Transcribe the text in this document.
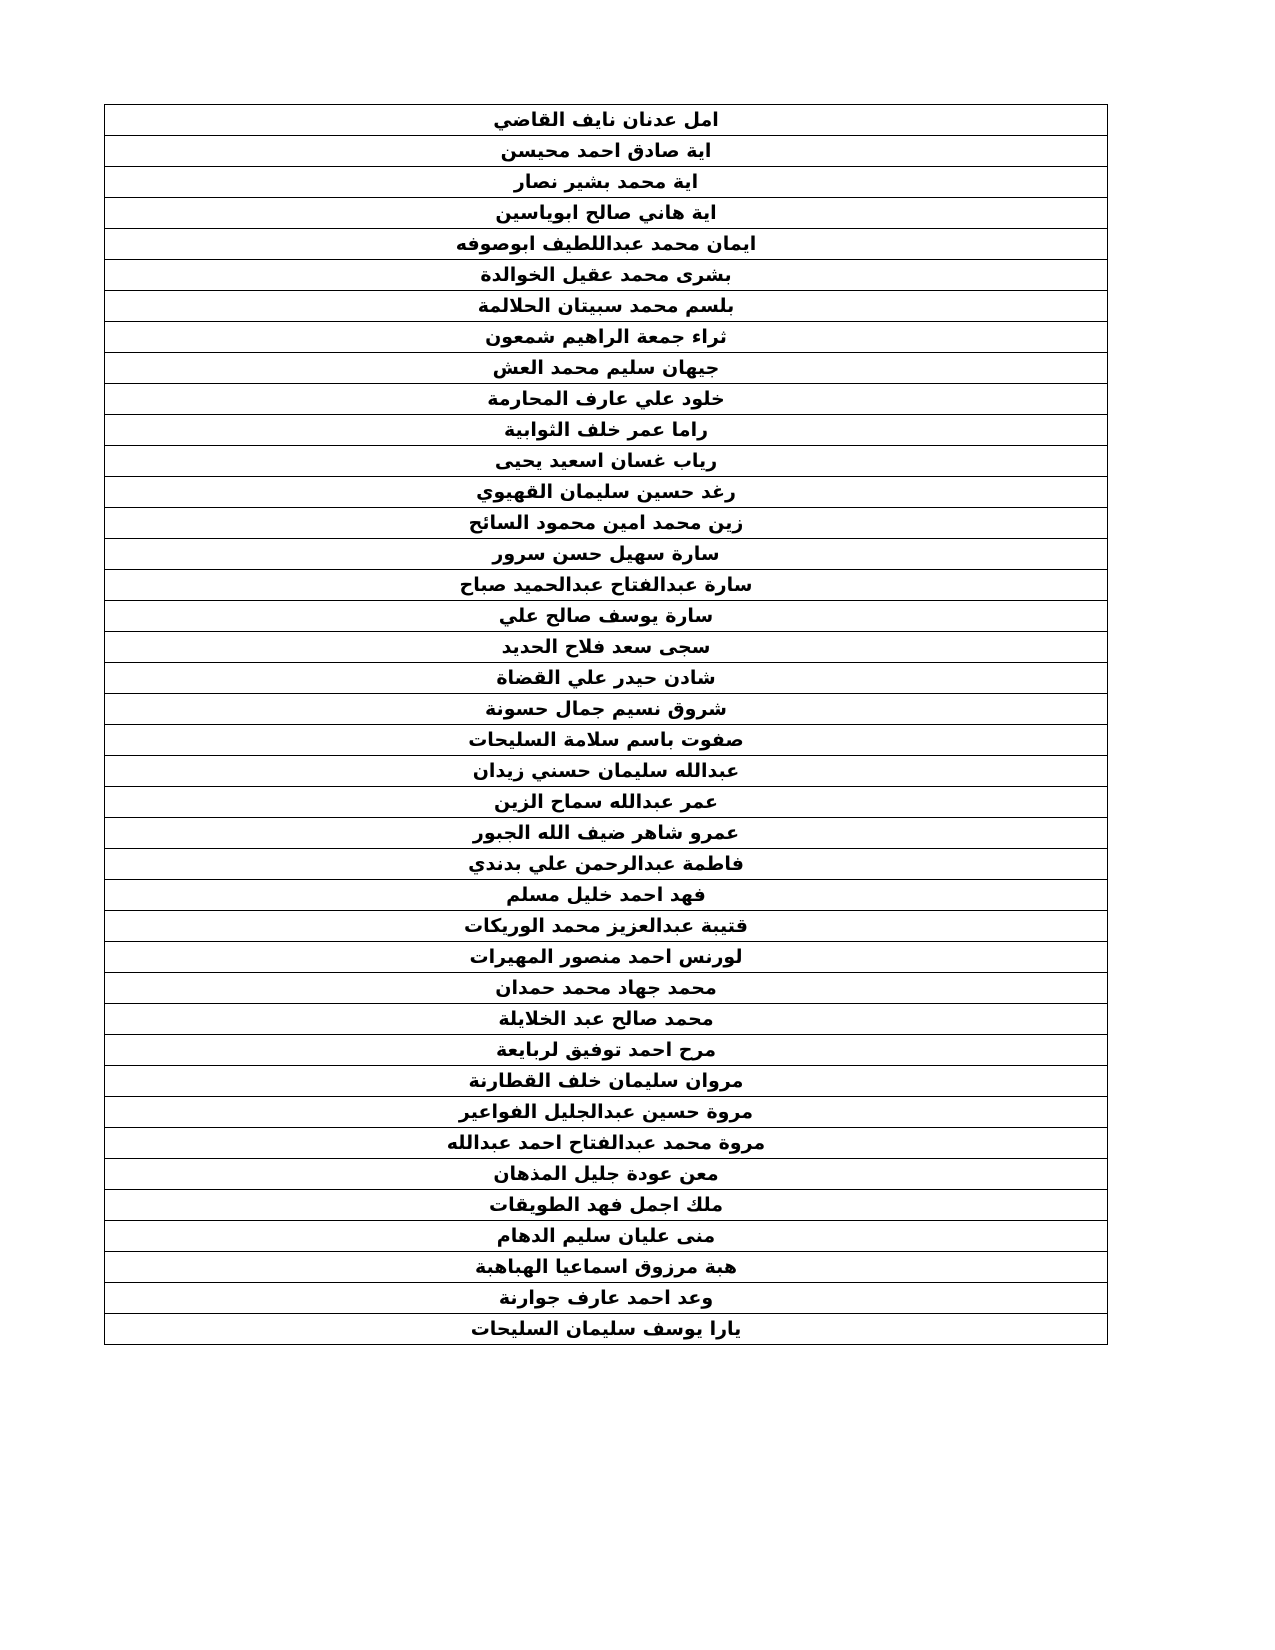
امل عدنان نايف القاضي
اية صادق احمد محيسن
اية محمد بشير نصار
اية هاني صالح ابوياسين
ايمان محمد عبداللطيف ابوصوفه
بشرى محمد عقيل الخوالدة
بلسم محمد سبيتان الحلالمة
ثراء جمعة الراهيم شمعون
جيهان سليم محمد العش
خلود علي عارف المحارمة
راما عمر خلف الثوابية
رياب غسان اسعيد يحيى
رغد حسين سليمان القهيوي
زين محمد امين محمود السائح
سارة سهيل حسن سرور
سارة عبدالفتاح عبدالحميد صباح
سارة يوسف صالح علي
سجى سعد فلاح الحديد
شادن حيدر علي القضاة
شروق نسيم جمال حسونة
صفوت باسم سلامة السليحات
عبدالله سليمان حسني زيدان
عمر عبدالله سماح الزين
عمرو شاهر ضيف الله الجبور
فاطمة عبدالرحمن علي بدندي
فهد احمد خليل مسلم
قتيبة عبدالعزيز محمد الوريكات
لورنس احمد منصور المهيرات
محمد جهاد محمد حمدان
محمد صالح عبد الخلايلة
مرح احمد توفيق لربايعة
مروان سليمان خلف القطارنة
مروة حسين عبدالجليل الفواعير
مروة محمد عبدالفتاح احمد عبدالله
معن عودة جليل المذهان
ملك اجمل فهد الطويقات
منى عليان سليم الدهام
هبة مرزوق اسماعيا الهباهبة
وعد احمد عارف جوارنة
يارا يوسف سليمان السليحات
